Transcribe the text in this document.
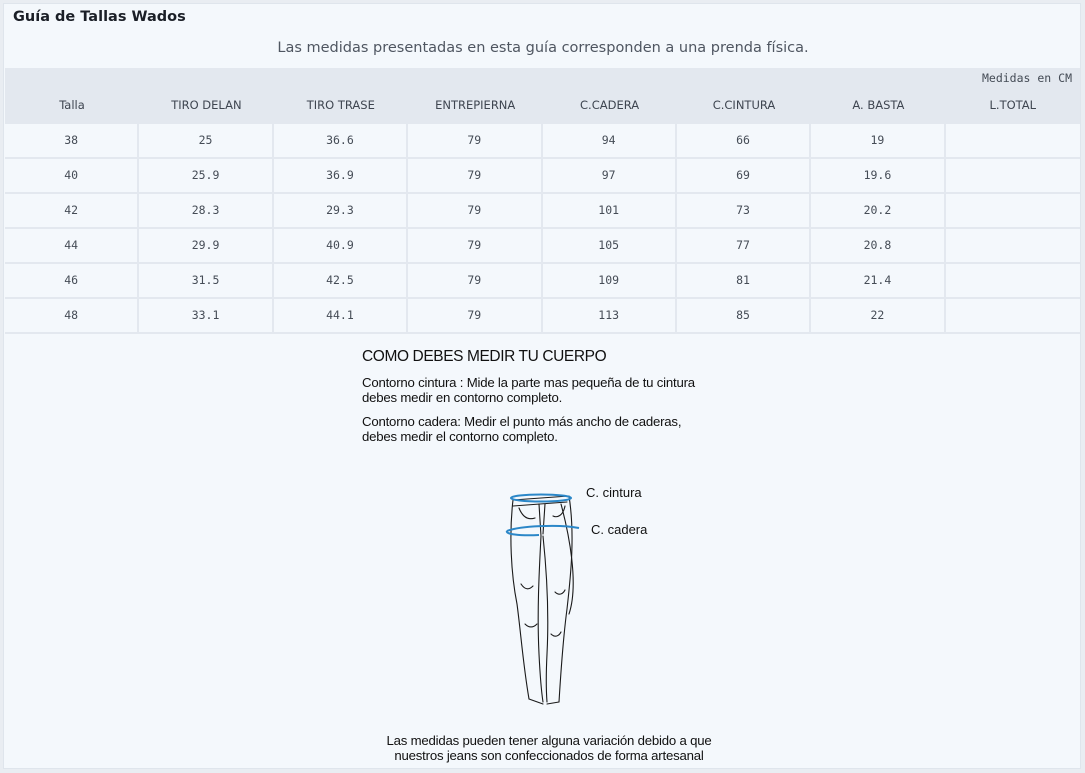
Guía de Tallas Wados
Las medidas presentadas en esta guía corresponden a una prenda física.
Medidas en CM
Talla	TIRO DELAN	TIRO TRASE	ENTREPIERNA	C.CADERA	C.CINTURA	A. BASTA	L.TOTAL
38	25	36.6	79	94	66	19
40	25.9	36.9	79	97	69	19.6
42	28.3	29.3	79	101	73	20.2
44	29.9	40.9	79	105	77	20.8
46	31.5	42.5	79	109	81	21.4
48	33.1	44.1	79	113	85	22
COMO DEBES MEDIR TU CUERPO
Contorno cintura : Mide la parte mas pequeña de tu cintura
debes medir en contorno completo.
Contorno cadera: Medir el punto más ancho de caderas,
debes medir el contorno completo.
C. cintura
C. cadera
Las medidas pueden tener alguna variación debido a que
nuestros jeans son confeccionados de forma artesanal
